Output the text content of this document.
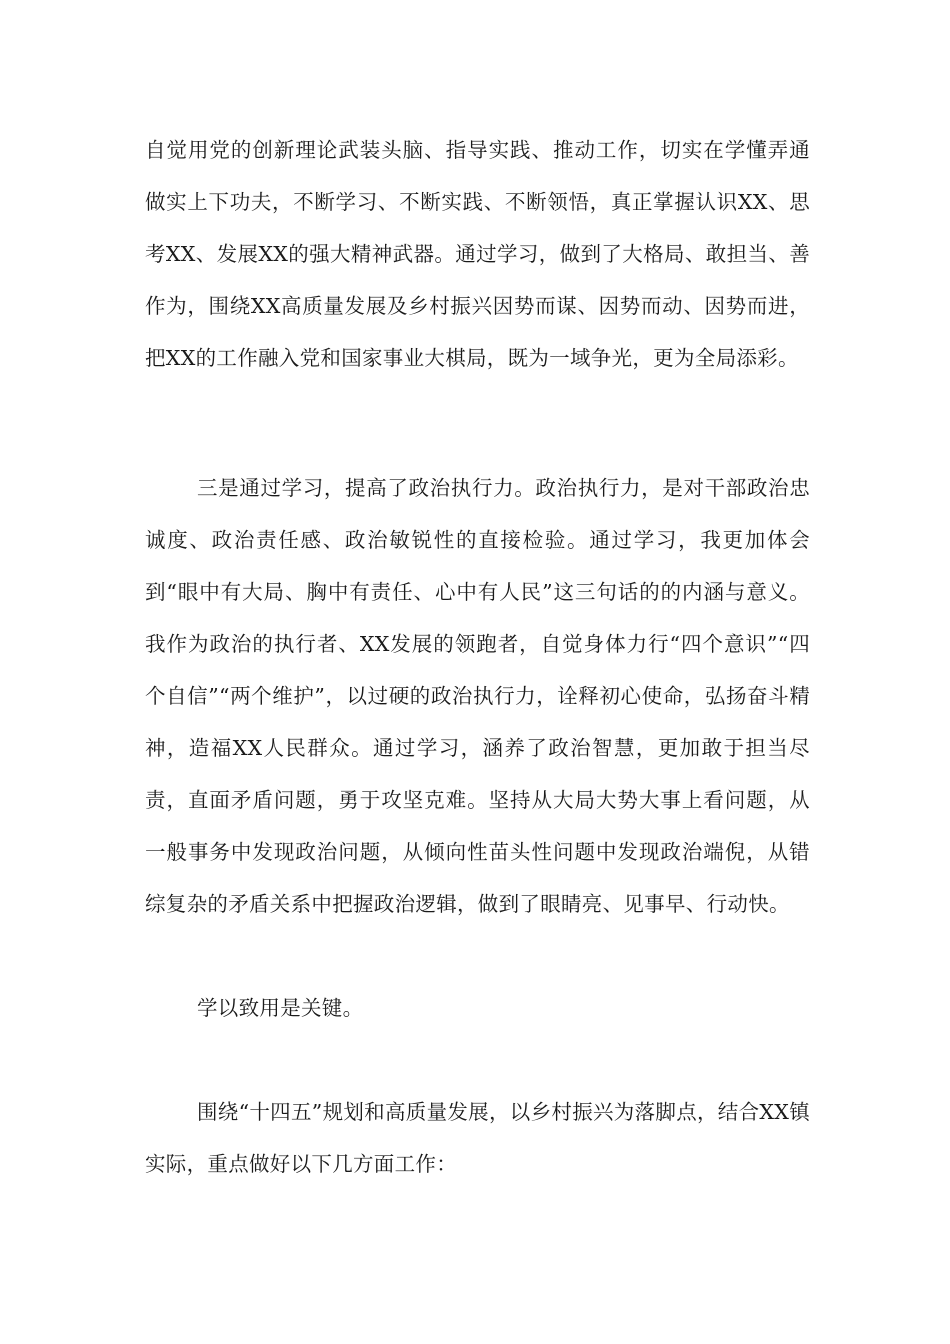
自觉用党的创新理论武装头脑、指导实践、推动工作，切实在学懂弄通做实上下功夫，不断学习、不断实践、不断领悟，真正掌握认识XX、思考XX、发展XX的强大精神武器。通过学习，做到了大格局、敢担当、善作为，围绕XX高质量发展及乡村振兴因势而谋、因势而动、因势而进，把XX的工作融入党和国家事业大棋局，既为一域争光，更为全局添彩。

三是通过学习，提高了政治执行力。政治执行力，是对干部政治忠诚度、政治责任感、政治敏锐性的直接检验。通过学习，我更加体会到“眼中有大局、胸中有责任、心中有人民”这三句话的的内涵与意义。我作为政治的执行者、XX发展的领跑者，自觉身体力行“四个意识”“四个自信”“两个维护”，以过硬的政治执行力，诠释初心使命，弘扬奋斗精神，造福XX人民群众。通过学习，涵养了政治智慧，更加敢于担当尽责，直面矛盾问题，勇于攻坚克难。坚持从大局大势大事上看问题，从一般事务中发现政治问题，从倾向性苗头性问题中发现政治端倪，从错综复杂的矛盾关系中把握政治逻辑，做到了眼睛亮、见事早、行动快。

学以致用是关键。

围绕“十四五”规划和高质量发展，以乡村振兴为落脚点，结合XX镇实际，重点做好以下几方面工作：
